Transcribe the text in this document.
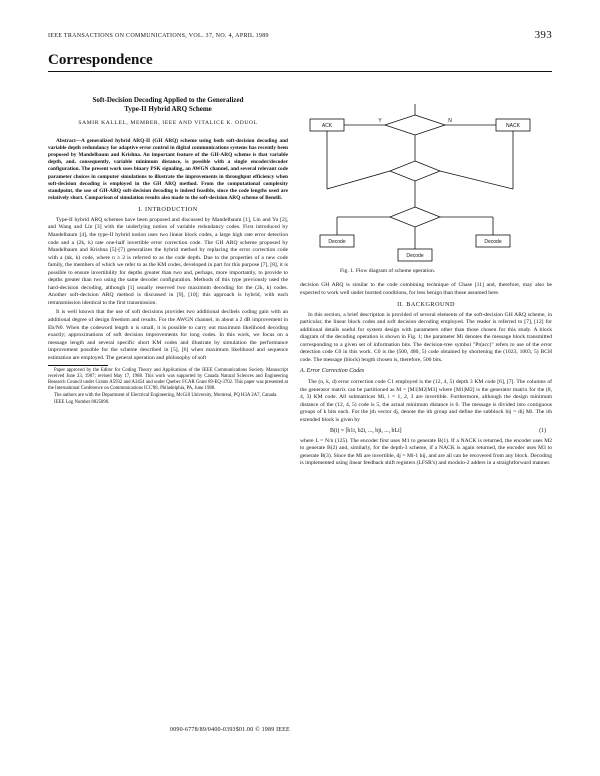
IEEE TRANSACTIONS ON COMMUNICATIONS, VOL. 37, NO. 4, APRIL 1989	393
Correspondence
Soft-Decision Decoding Applied to the Generalized
Type-II Hybrid ARQ Scheme
SAMIR KALLEL, MEMBER, IEEE AND VITALICE K. ODUOL

Abstract—A generalized hybrid ARQ-II (GH ARQ) scheme using both soft-decision decoding and variable depth redundancy for adaptive error control in digital communications systems has recently been proposed by Mandelbaum and Krishna. An important feature of the GH-ARQ scheme is that variable depth, and, consequently, variable minimum distance, is possible with a single encoder/decoder configuration. The present work uses binary PSK signaling, an AWGN channel, and several relevant code parameter choices in computer simulations to illustrate the improvements in throughput efficiency when soft-decision decoding is employed in the GH ARQ method. From the computational complexity standpoint, the use of GH-ARQ soft-decision decoding is indeed feasible, since the code lengths used are relatively short. Comparison of simulation results also made to the soft-decision ARQ scheme of Benelli.

I. INTRODUCTION

Type-II hybrid ARQ schemes have been proposed and discussed by Mandelbaum [1], Lin and Yu [2], and Wang and Lin [3] with the underlying notion of variable redundancy codes. First introduced by Mandelbaum [4], the type-II hybrid notion uses two linear block codes, a large high rate error detection code and a (2k, k) rate one-half invertible error correction code. The GH ARQ scheme proposed by Mandelbaum and Krishna [5]-[7] generalizes the hybrid method by replacing the error correction code with a (nk, k) code, where n ≥ 2 is referred to as the code depth. Due to the properties of a new code family, the members of which we refer to as the KM codes, developed in part for this purpose [7], [8], it is possible to ensure invertibility for depths greater than two and, perhaps, more importantly, to provide to depths greater than two using the same decoder configuration. Methods of this type previously used the hard-decision decoding, although [1] usually reserved two maximum decoding for the (2k, k) codes. Another soft-decision ARQ method is discussed in [9], [10]; this approach is hybrid, with each retransmission identical to the first transmission.

It is well known that the use of soft decisions provides two additional decibels coding gain with an additional degree of design freedom and results. For the AWGN channel, in about a 2 dB improvement in Eb/N0. When the codeword length n is small, it is possible to carry out maximum likelihood decoding exactly; approximations of soft decision improvements for long codes. In this work, we focus on a message length and several specific short KM codes and illustrate by simulation the performance improvement possible for the scheme described in [5], [6] when maximum likelihood and sequence estimation are employed. The general operation and philosophy of soft

Paper approved by the Editor for Coding Theory and Applications of the IEEE Communications Society. Manuscript received June 23, 1987; revised May 17, 1988. This work was supported by Canada Natural Sciences and Engineering Research Council under Grants A5932 and A3454 and under Quebec FCAR Grant 89-EQ-3702. This paper was presented at the International Conference on Communications ICC'88, Philadelphia, PA, June 1988.

The authors are with the Department of Electrical Engineering, McGill University, Montreal, PQ H3A 2A7, Canada.

IEEE Log Number 8825890.

ACK	NACK
Decode
Decode
Decode
Y	N
Fig. 1. Flow diagram of scheme operation.

decision GH ARQ is similar to the code combining technique of Chase [11] and, therefore, may also be expected to work well under bursted conditions, for less benign than those assumed here.

II. BACKGROUND

In this section, a brief description is provided of several elements of the soft-decision GH ARQ scheme, in particular, the linear block codes and soft decision decoding employed. The reader is referred to [7], [12] for additional details useful for system design with parameters other than those chosen for this study. A block diagram of the decoding operation is shown in Fig. 1; the parameter Mi denotes the message block transmitted corresponding to a given set of information bits. The decision-tree symbol "Pr(acc)" refers to use of the error detection code C0 in this work. C0 is the (500, 480, 5) code obtained by shortening the (1023, 1003, 5) BCH code. The message (block) length chosen is, therefore, 500 bits.

A. Error Correction Codes

The (n, k, d) error correction code C1 employed is the (12, 4, 5) depth 3 KM code [6], [7]. The columns of the generator matrix can be partitioned as M = [M1|M2|M3] where [M1|M2] is the generator matrix for the (8, 4, 3) KM code. All submatrices Mi, i = 1, 2, 3 are invertible. Furthermore, although the design minimum distance of the (12, 4, 5) code is 5, the actual minimum distance is 6. The message is divided into contiguous groups of k bits each. For the jth vector dj, denote the ith group and define the subblock bij = dij Mi. The ith extended block is given by

B(i) = [b1i, b2i, ..., bji, ..., bLi]	(1)

where L = N/n (125). The encoder first uses M1 to generate B(1). If a NACK is returned, the encoder uses M2 to generate B(2) and, similarly, for the depth-3 scheme, if a NACK is again returned, the encoder uses M3 to generate B(3). Since the Mi are invertible, dj = Mi-1 bij, and are all can be recovered from any block. Decoding is implemented using linear feedback shift registers (LFSR's) and modulo-2 adders in a straightforward manner.

0090-6778/89/0400-0393$01.00 © 1989 IEEE
